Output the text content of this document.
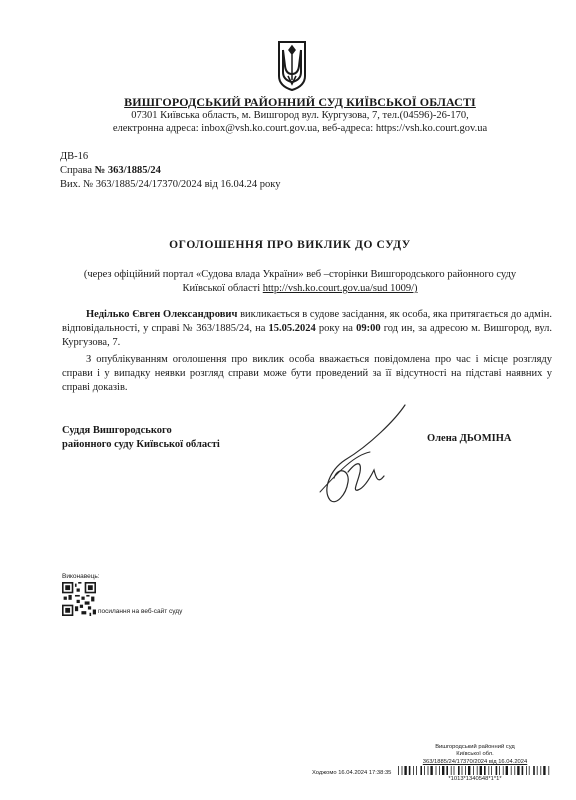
ВИШГОРОДСЬКИЙ РАЙОННИЙ СУД КИЇВСЬКОЇ ОБЛАСТІ
07301 Київська область, м. Вишгород вул. Кургузова, 7, тел.(04596)-26-170,
електронна адреса: inbox@vsh.ko.court.gov.ua, веб-адреса: https://vsh.ko.court.gov.ua
ДВ-16
Справа № 363/1885/24
Вих. № 363/1885/24/17370/2024 від 16.04.24 року
ОГОЛОШЕННЯ ПРО ВИКЛИК ДО СУДУ
(через офіційний портал «Судова влада України» веб –сторінки Вишгородського районного суду Київської області http://vsh.ko.court.gov.ua/sud 1009/)
Неділько Євген Олександрович викликається в судове засідання, як особа, яка притягається до адмін. відповідальності, у справі № 363/1885/24, на 15.05.2024 року на 09:00 год ин, за адресою м. Вишгород, вул. Кургузова, 7.
З опублікуванням оголошення про виклик особа вважається повідомлена про час і місце розгляду справи і у випадку неявки розгляд справи може бути проведений за її відсутності на підставі наявних у справі доказів.
Суддя Вишгородського
районного суду Київської області
Олена ДЬОМІНА
Виконавець:
посилання на веб-сайт суду
Вишгородський районний суд
Київської обл.
363/1885/24/17370/2024 від 16.04.2024
*1013*1340548*1*1*
Ходжомо 16.04.2024 17:38:35
